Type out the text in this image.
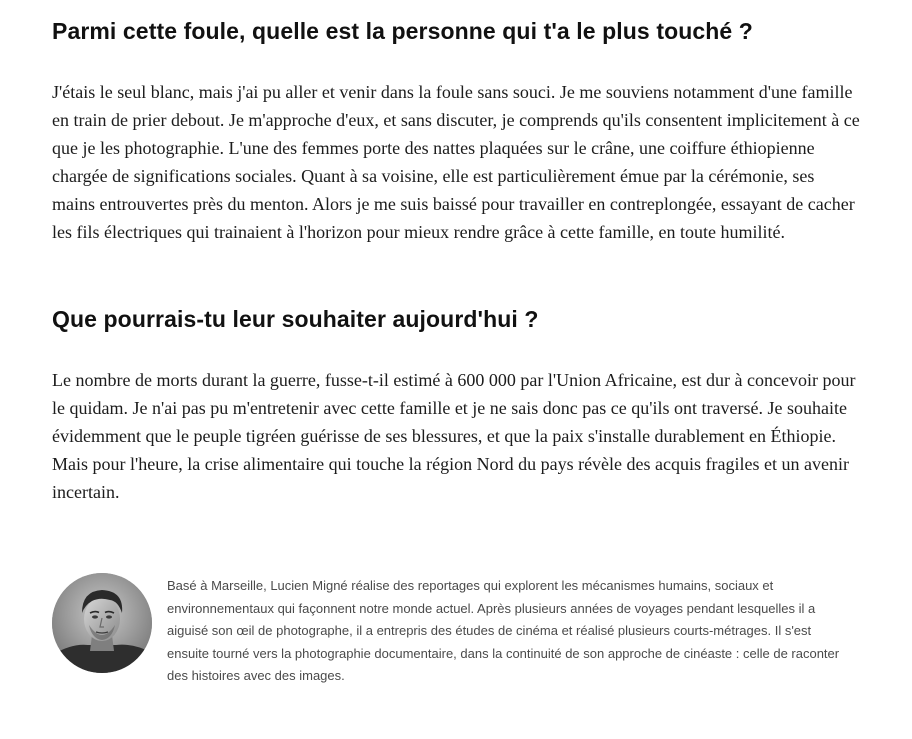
Parmi cette foule, quelle est la personne qui t'a le plus touché ?

J'étais le seul blanc, mais j'ai pu aller et venir dans la foule sans souci. Je me souviens notamment d'une famille en train de prier debout. Je m'approche d'eux, et sans discuter, je comprends qu'ils consentent implicitement à ce que je les photographie. L'une des femmes porte des nattes plaquées sur le crâne, une coiffure éthiopienne chargée de significations sociales. Quant à sa voisine, elle est particulièrement émue par la cérémonie, ses mains entrouvertes près du menton. Alors je me suis baissé pour travailler en contreplongée, essayant de cacher les fils électriques qui trainaient à l'horizon pour mieux rendre grâce à cette famille, en toute humilité.

Que pourrais-tu leur souhaiter aujourd'hui ?

Le nombre de morts durant la guerre, fusse-t-il estimé à 600 000 par l'Union Africaine, est dur à concevoir pour le quidam. Je n'ai pas pu m'entretenir avec cette famille et je ne sais donc pas ce qu'ils ont traversé. Je souhaite évidemment que le peuple tigréen guérisse de ses blessures, et que la paix s'installe durablement en Éthiopie. Mais pour l'heure, la crise alimentaire qui touche la région Nord du pays révèle des acquis fragiles et un avenir incertain.

Basé à Marseille, Lucien Migné réalise des reportages qui explorent les mécanismes humains, sociaux et environnementaux qui façonnent notre monde actuel. Après plusieurs années de voyages pendant lesquelles il a aiguisé son œil de photographe, il a entrepris des études de cinéma et réalisé plusieurs courts-métrages. Il s'est ensuite tourné vers la photographie documentaire, dans la continuité de son approche de cinéaste : celle de raconter des histoires avec des images.
